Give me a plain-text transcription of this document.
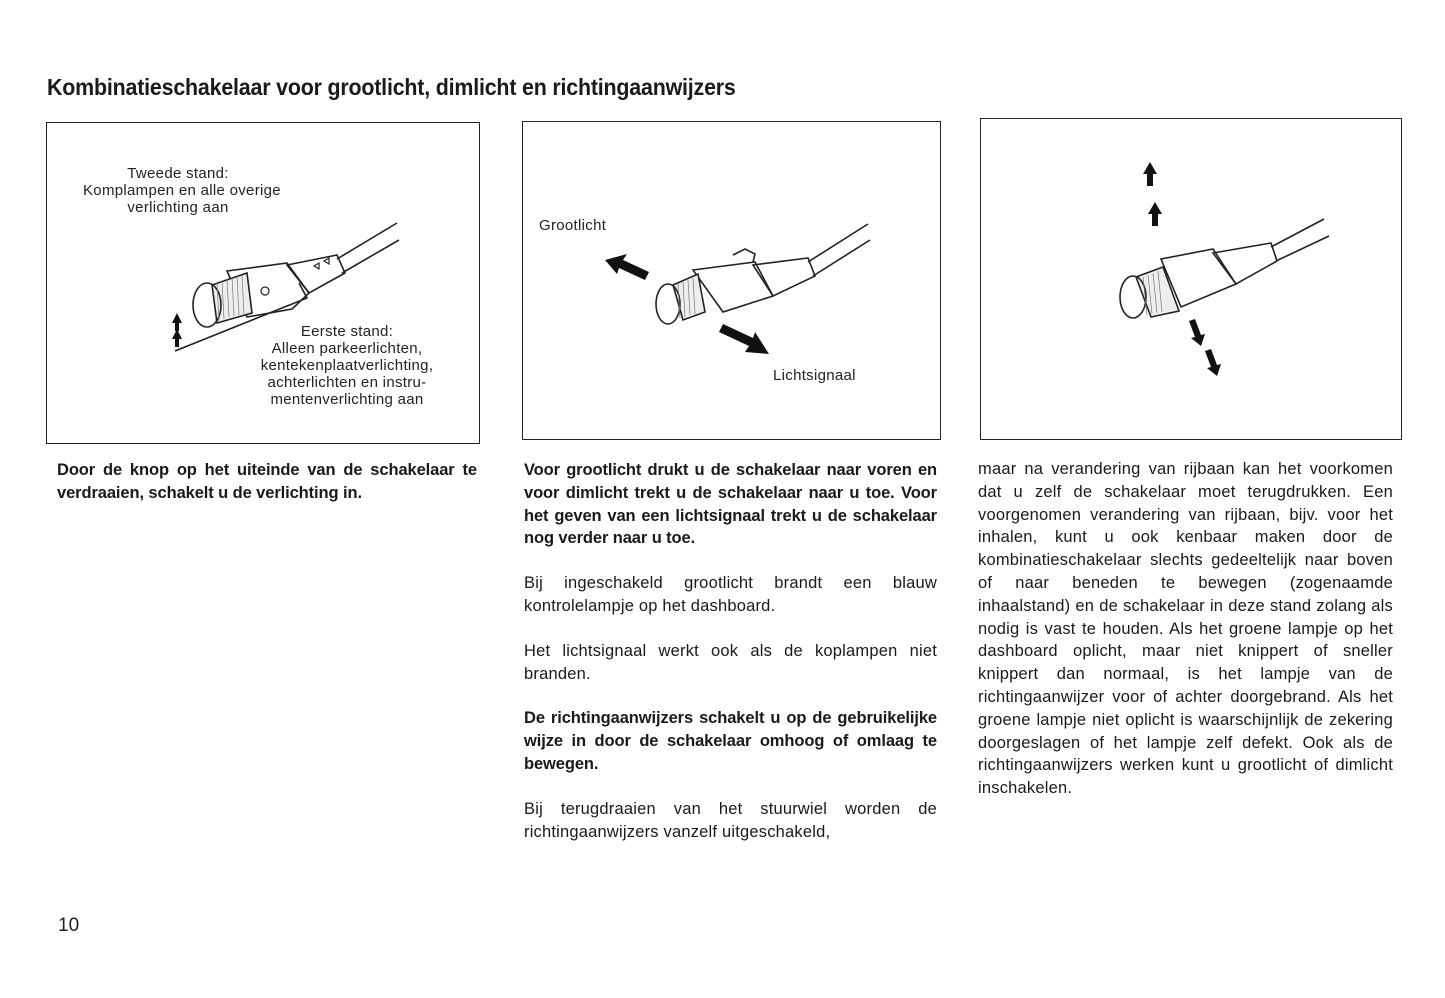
Kombinatieschakelaar voor grootlicht, dimlicht en richtingaanwijzers
Tweede stand:
Komplampen en alle overige
verlichting aan
Eerste stand:
Alleen parkeerlichten,
kentekenplaatverlichting,
achterlichten en instru-
mentenverlichting aan
Grootlicht
Lichtsignaal

Door de knop op het uiteinde van de schakelaar te verdraaien, schakelt u de verlichting in.

Voor grootlicht drukt u de schakelaar naar voren en voor dimlicht trekt u de schakelaar naar u toe. Voor het geven van een lichtsignaal trekt u de schakelaar nog verder naar u toe.

Bij ingeschakeld grootlicht brandt een blauw kontrolelampje op het dashboard.

Het lichtsignaal werkt ook als de koplampen niet branden.

De richtingaanwijzers schakelt u op de gebruikelijke wijze in door de schakelaar omhoog of omlaag te bewegen.

Bij terugdraaien van het stuurwiel worden de richtingaanwijzers vanzelf uitgeschakeld,

maar na verandering van rijbaan kan het voorkomen dat u zelf de schakelaar moet terugdrukken. Een voorgenomen verandering van rijbaan, bijv. voor het inhalen, kunt u ook kenbaar maken door de kombinatieschakelaar slechts gedeeltelijk naar boven of naar beneden te bewegen (zogenaamde inhaalstand) en de schakelaar in deze stand zolang als nodig is vast te houden. Als het groene lampje op het dashboard oplicht, maar niet knippert of sneller knippert dan normaal, is het lampje van de richtingaanwijzer voor of achter doorgebrand. Als het groene lampje niet oplicht is waarschijnlijk de zekering doorgeslagen of het lampje zelf defekt. Ook als de richtingaanwijzers werken kunt u grootlicht of dimlicht inschakelen.

10
